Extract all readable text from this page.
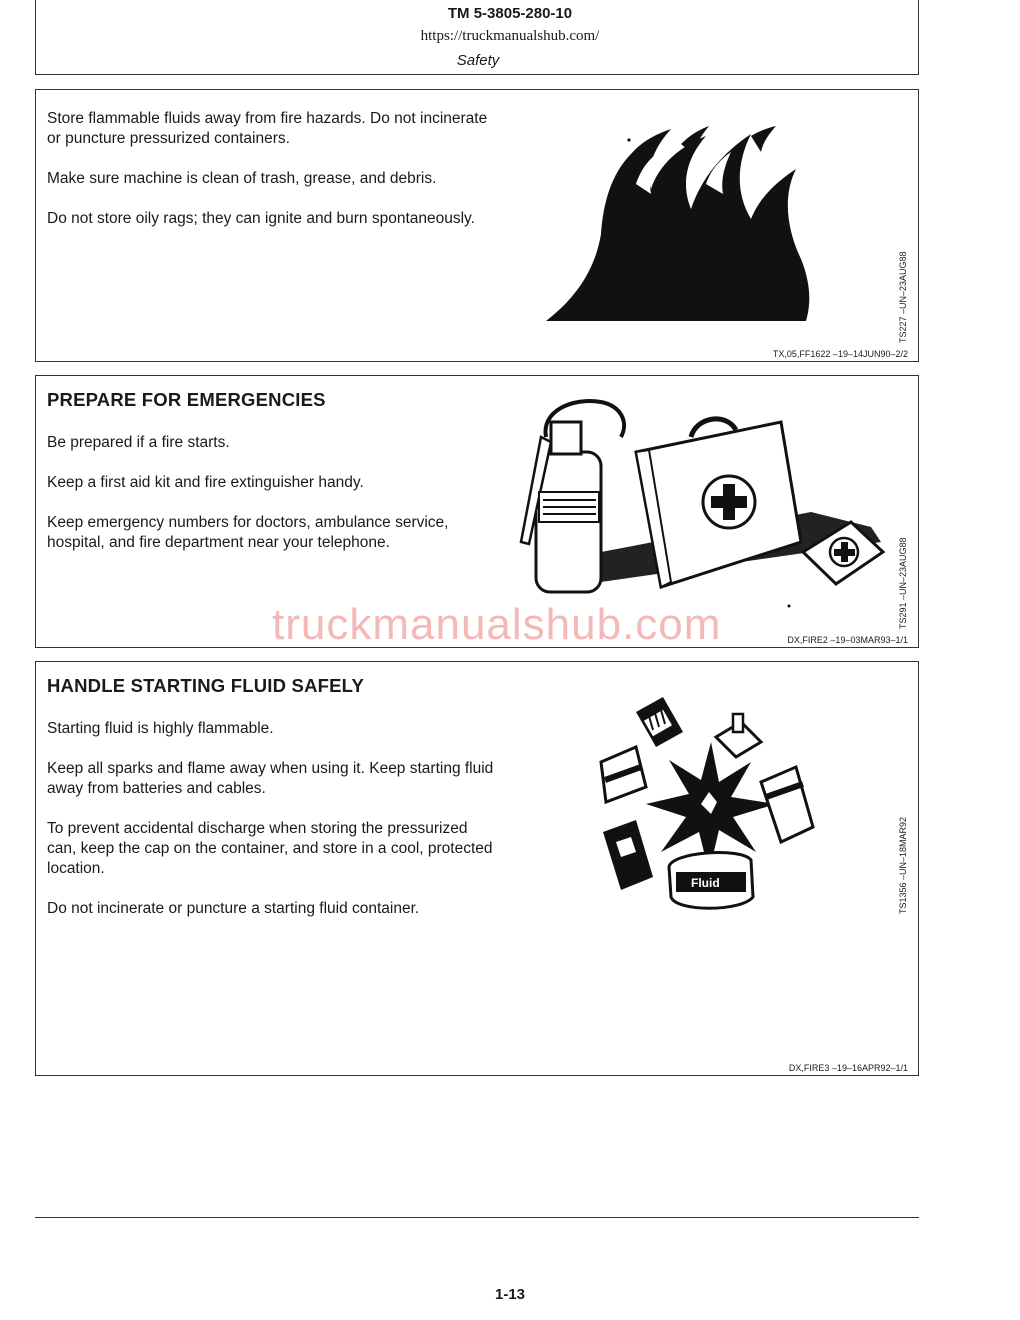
TM 5-3805-280-10
https://truckmanualshub.com/
Safety

Store flammable fluids away from fire hazards. Do not incinerate or puncture pressurized containers.

Make sure machine is clean of trash, grease, and debris.

Do not store oily rags; they can ignite and burn spontaneously.

TS227 –UN–23AUG88
TX,05,FF1622 –19–14JUN90–2/2
PREPARE FOR EMERGENCIES

Be prepared if a fire starts.

Keep a first aid kit and fire extinguisher handy.

Keep emergency numbers for doctors, ambulance service, hospital, and fire department near your telephone.	TS291 –UN–23AUG88
DX,FIRE2 –19–03MAR93–1/1
truckmanualshub.com
HANDLE STARTING FLUID SAFELY

Starting fluid is highly flammable.

Keep all sparks and flame away when using it. Keep starting fluid away from batteries and cables.

To prevent accidental discharge when storing the pressurized can, keep the cap on the container, and store in a cool, protected location.

Do not incinerate or puncture a starting fluid container.

Fluid	TS1356 –UN–18MAR92
DX,FIRE3 –19–16APR92–1/1
1-13
